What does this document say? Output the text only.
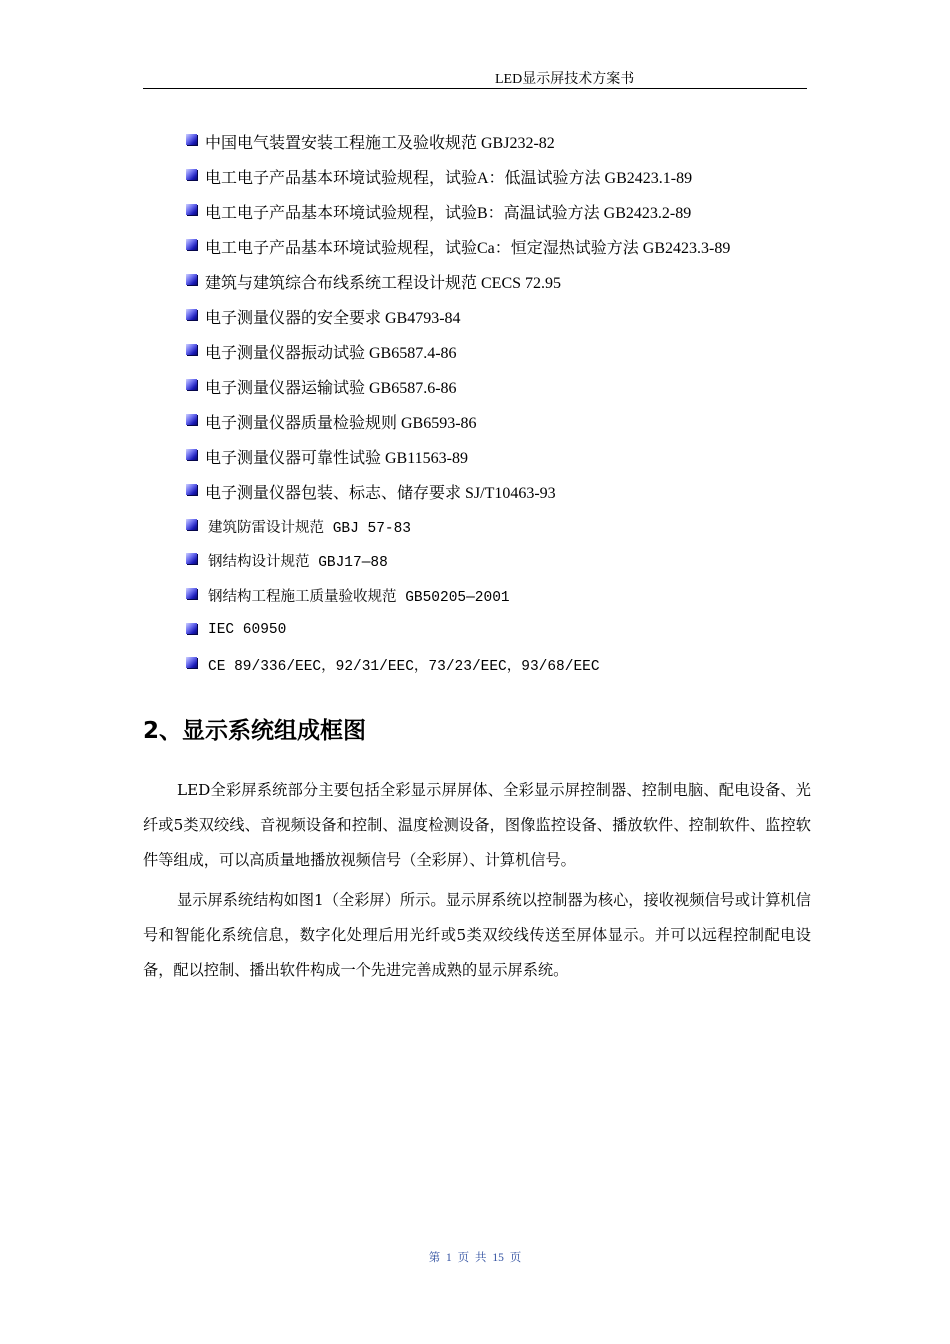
LED显示屏技术方案书
中国电气装置安装工程施工及验收规范 GBJ232-82
电工电子产品基本环境试验规程，试验A：低温试验方法 GB2423.1-89
电工电子产品基本环境试验规程，试验B：高温试验方法 GB2423.2-89
电工电子产品基本环境试验规程，试验Ca：恒定湿热试验方法 GB2423.3-89
建筑与建筑综合布线系统工程设计规范 CECS 72.95
电子测量仪器的安全要求 GB4793-84
电子测量仪器振动试验 GB6587.4-86
电子测量仪器运输试验 GB6587.6-86
电子测量仪器质量检验规则 GB6593-86
电子测量仪器可靠性试验 GB11563-89
电子测量仪器包装、标志、储存要求 SJ/T10463-93
建筑防雷设计规范 GBJ 57-83
钢结构设计规范 GBJ17—88
钢结构工程施工质量验收规范 GB50205—2001
IEC 60950
CE 89/336/EEC，92/31/EEC，73/23/EEC，93/68/EEC
2、显示系统组成框图

LED全彩屏系统部分主要包括全彩显示屏屏体、全彩显示屏控制器、控制电脑、配电设备、光纤或5类双绞线、音视频设备和控制、温度检测设备，图像监控设备、播放软件、控制软件、监控软件等组成，可以高质量地播放视频信号（全彩屏）、计算机信号。

显示屏系统结构如图1（全彩屏）所示。显示屏系统以控制器为核心，接收视频信号或计算机信号和智能化系统信息，数字化处理后用光纤或5类双绞线传送至屏体显示。并可以远程控制配电设备，配以控制、播出软件构成一个先进完善成熟的显示屏系统。

第 1 页 共 15 页
